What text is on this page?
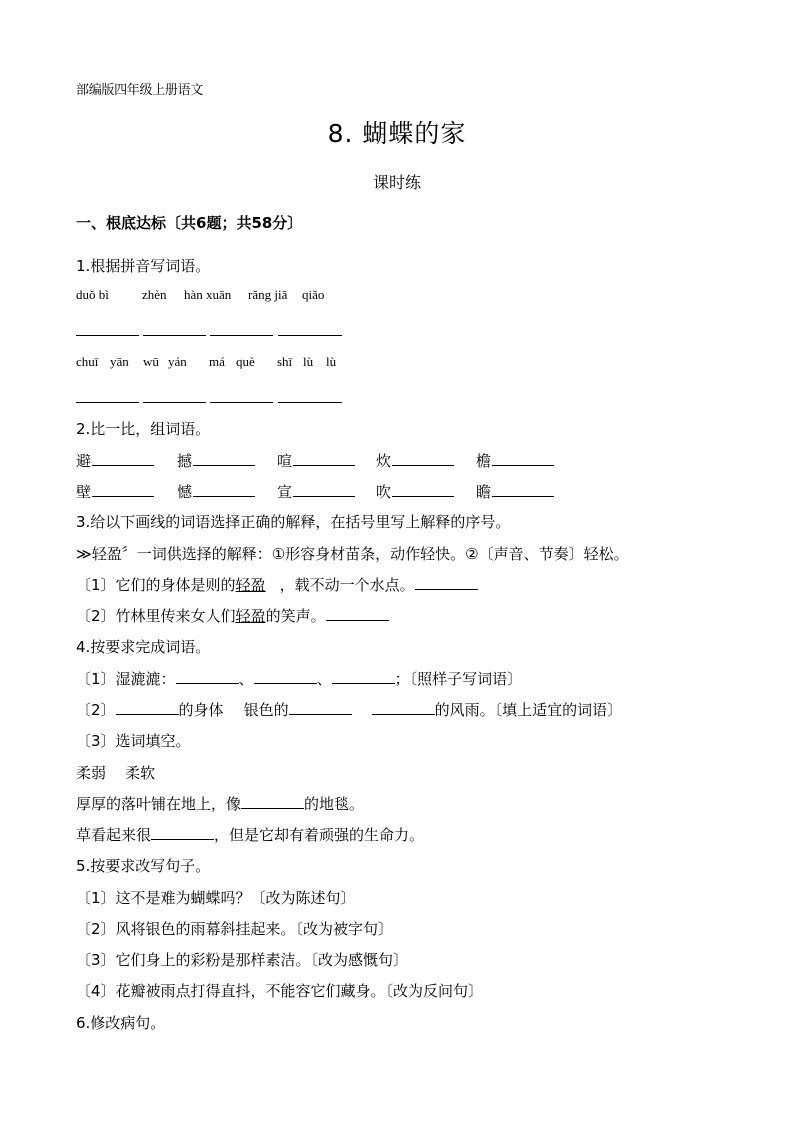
部编版四年级上册语文
8. 蝴蝶的家
课时练
一、根底达标〔共6题；共58分〕
1.根据拼音写词语。
duǒ bì	zhèn hàn xuān rǎng jiā qiǎo
chuī yān wū yán má què shī lù lù
2.比一比，组词语。
避	撼	喧	炊	檐
壁	憾	宣	吹	瞻
3.给以下画线的词语选择正确的解释，在括号里写上解释的序号。
≫轻盈〞一词供选择的解释：①形容身材苗条，动作轻快。②〔声音、节奏〕轻松。
〔1〕它们的身体是则的轻盈 ，载不动一个水点。
〔2〕竹林里传来女人们轻盈的笑声。
4.按要求完成词语。
〔1〕湿漉漉：	、	、	；〔照样子写词语〕
〔2〕	的身体 银色的	的风雨。〔填上适宜的词语〕
〔3〕选词填空。
柔弱    柔软
厚厚的落叶铺在地上，像	的地毯。
草看起来很	，但是它却有着顽强的生命力。
5.按要求改写句子。
〔1〕这不是难为蝴蝶吗？〔改为陈述句〕
〔2〕风将银色的雨幕斜挂起来。〔改为被字句〕
〔3〕它们身上的彩粉是那样素洁。〔改为感慨句〕
〔4〕花瓣被雨点打得直抖，不能容它们藏身。〔改为反问句〕
6.修改病句。
